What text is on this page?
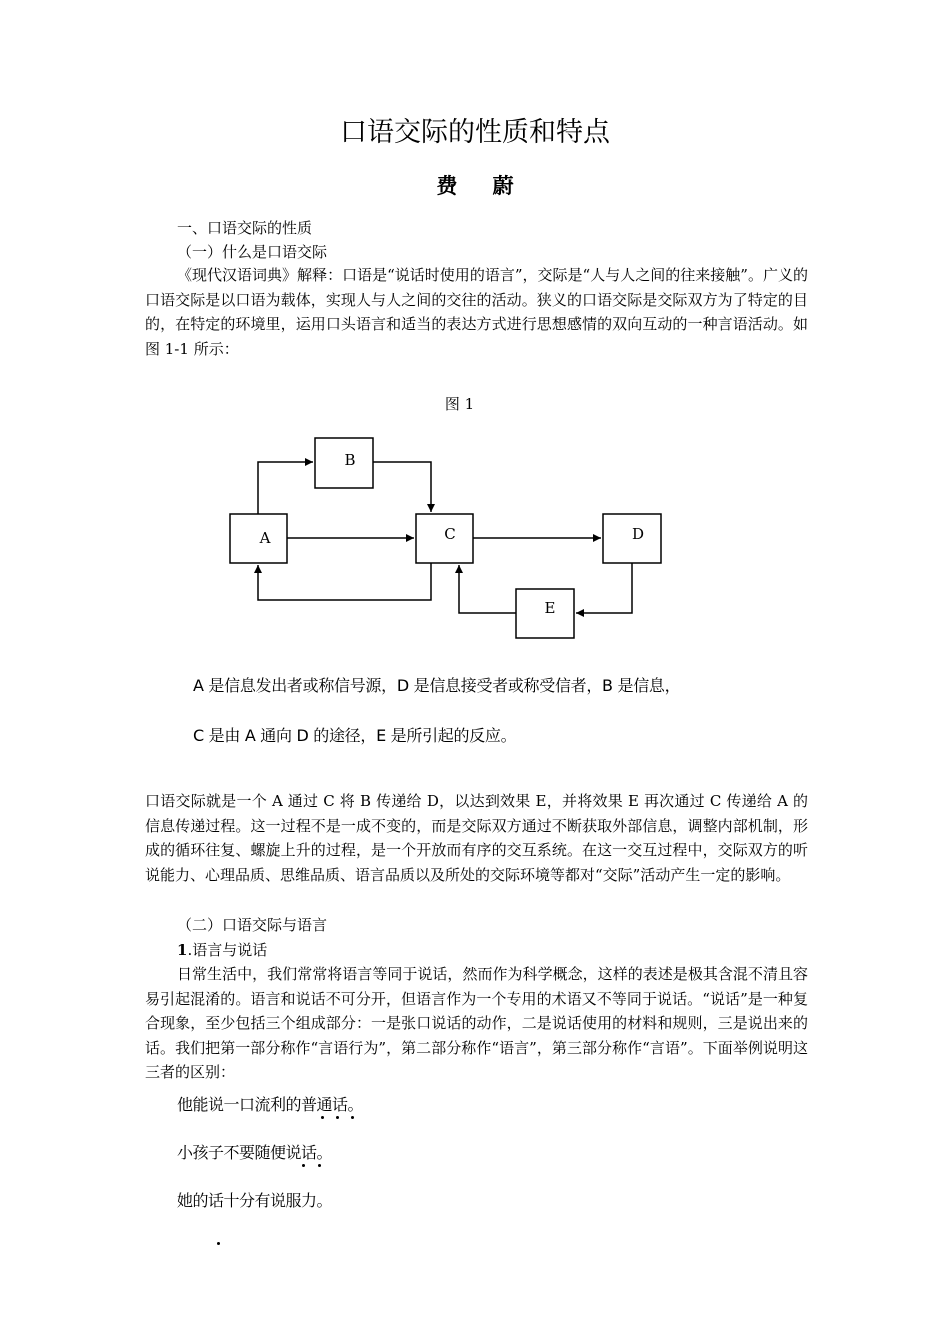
口语交际的性质和特点
费 蔚
一、口语交际的性质
（一）什么是口语交际
《现代汉语词典》解释：口语是“说话时使用的语言”，交际是“人与人之间的往来接触”。广义的口语交际是以口语为载体，实现人与人之间的交往的活动。狭义的口语交际是交际双方为了特定的目的，在特定的环境里，运用口头语言和适当的表达方式进行思想感情的双向互动的一种言语活动。如图 1-1 所示：
图 1
A
B
C	D
E
A 是信息发出者或称信号源，D 是信息接受者或称受信者，B 是信息，
C 是由 A 通向 D 的途径，E 是所引起的反应。
口语交际就是一个 A 通过 C 将 B 传递给 D，以达到效果 E，并将效果 E 再次通过 C 传递给 A 的信息传递过程。这一过程不是一成不变的，而是交际双方通过不断获取外部信息，调整内部机制，形成的循环往复、螺旋上升的过程，是一个开放而有序的交互系统。在这一交互过程中，交际双方的听说能力、心理品质、思维品质、语言品质以及所处的交际环境等都对“交际”活动产生一定的影响。
（二）口语交际与语言
1.语言与说话
日常生活中，我们常常将语言等同于说话，然而作为科学概念，这样的表述是极其含混不清且容易引起混淆的。语言和说话不可分开，但语言作为一个专用的术语又不等同于说话。“说话”是一种复合现象，至少包括三个组成部分：一是张口说话的动作，二是说话使用的材料和规则，三是说出来的话。我们把第一部分称作“言语行为”，第二部分称作“语言”，第三部分称作“言语”。下面举例说明这三者的区别：
他能说一口流利的普通话。
小孩子不要随便说话。
她的话十分有说服力。
